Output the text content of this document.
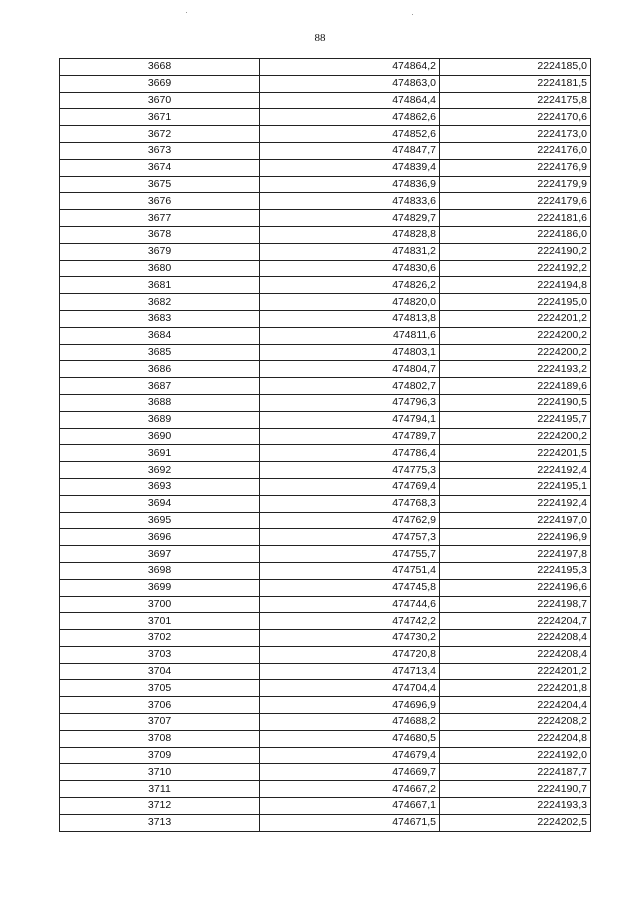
88
3668	474864,2	2224185,0
3669	474863,0	2224181,5
3670	474864,4	2224175,8
3671	474862,6	2224170,6
3672	474852,6	2224173,0
3673	474847,7	2224176,0
3674	474839,4	2224176,9
3675	474836,9	2224179,9
3676	474833,6	2224179,6
3677	474829,7	2224181,6
3678	474828,8	2224186,0
3679	474831,2	2224190,2
3680	474830,6	2224192,2
3681	474826,2	2224194,8
3682	474820,0	2224195,0
3683	474813,8	2224201,2
3684	474811,6	2224200,2
3685	474803,1	2224200,2
3686	474804,7	2224193,2
3687	474802,7	2224189,6
3688	474796,3	2224190,5
3689	474794,1	2224195,7
3690	474789,7	2224200,2
3691	474786,4	2224201,5
3692	474775,3	2224192,4
3693	474769,4	2224195,1
3694	474768,3	2224192,4
3695	474762,9	2224197,0
3696	474757,3	2224196,9
3697	474755,7	2224197,8
3698	474751,4	2224195,3
3699	474745,8	2224196,6
3700	474744,6	2224198,7
3701	474742,2	2224204,7
3702	474730,2	2224208,4
3703	474720,8	2224208,4
3704	474713,4	2224201,2
3705	474704,4	2224201,8
3706	474696,9	2224204,4
3707	474688,2	2224208,2
3708	474680,5	2224204,8
3709	474679,4	2224192,0
3710	474669,7	2224187,7
3711	474667,2	2224190,7
3712	474667,1	2224193,3
3713	474671,5	2224202,5
